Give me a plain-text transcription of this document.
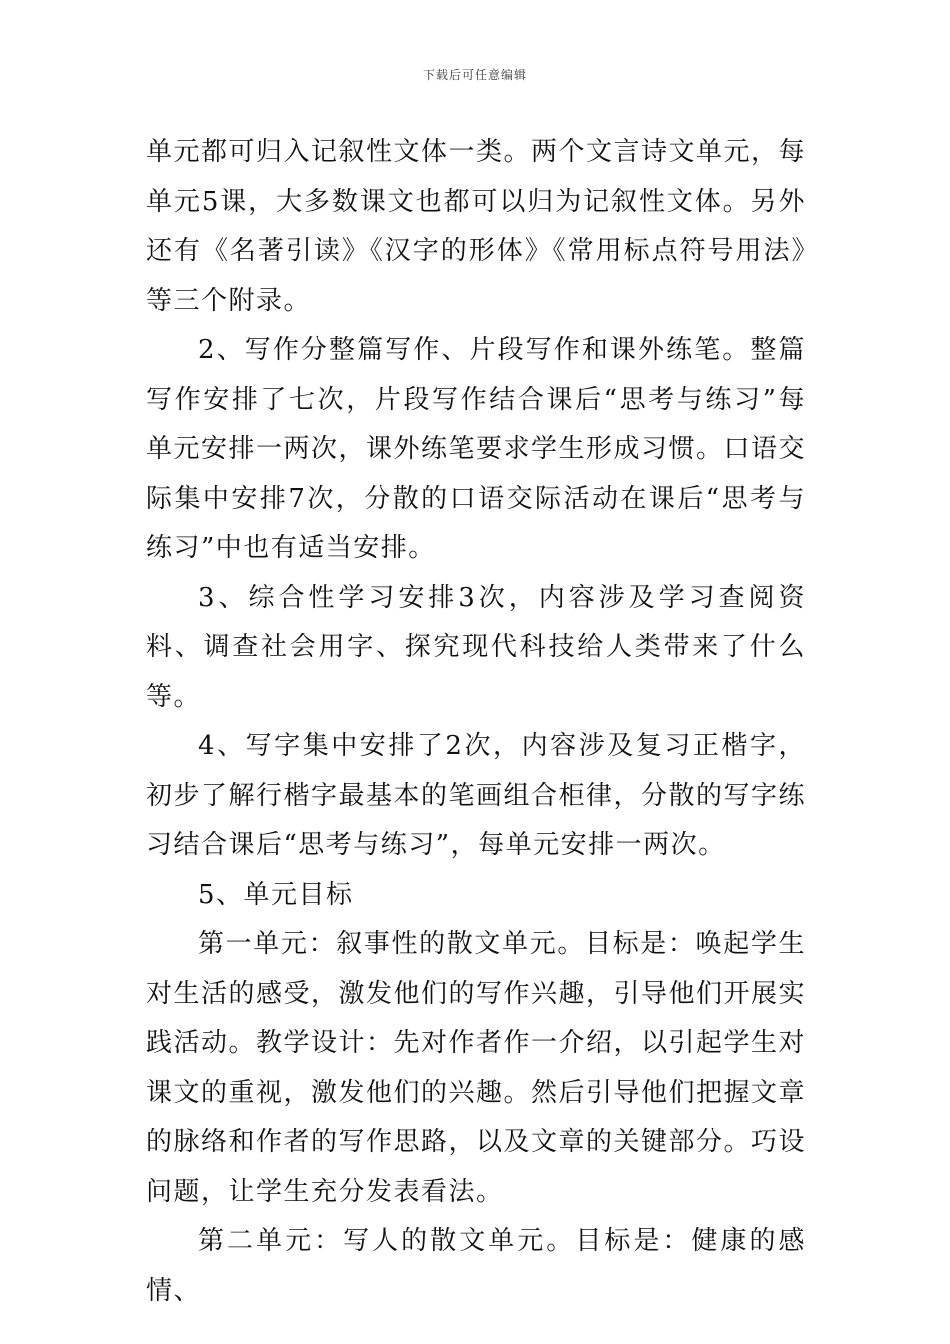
下载后可任意编辑

单元都可归入记叙性文体一类。两个文言诗文单元，每单元5课，大多数课文也都可以归为记叙性文体。另外还有《名著引读》《汉字的形体》《常用标点符号用法》等三个附录。

2、写作分整篇写作、片段写作和课外练笔。整篇写作安排了七次，片段写作结合课后“思考与练习”每单元安排一两次，课外练笔要求学生形成习惯。口语交际集中安排7次，分散的口语交际活动在课后“思考与练习”中也有适当安排。

3、综合性学习安排3次，内容涉及学习查阅资料、调查社会用字、探究现代科技给人类带来了什么等。

4、写字集中安排了2次，内容涉及复习正楷字，初步了解行楷字最基本的笔画组合柜律，分散的写字练习结合课后“思考与练习”，每单元安排一两次。

5、单元目标

第一单元：叙事性的散文单元。目标是：唤起学生对生活的感受，激发他们的写作兴趣，引导他们开展实践活动。教学设计：先对作者作一介绍，以引起学生对课文的重视，激发他们的兴趣。然后引导他们把握文章的脉络和作者的写作思路，以及文章的关键部分。巧设问题，让学生充分发表看法。

第二单元：写人的散文单元。目标是：健康的感情、
